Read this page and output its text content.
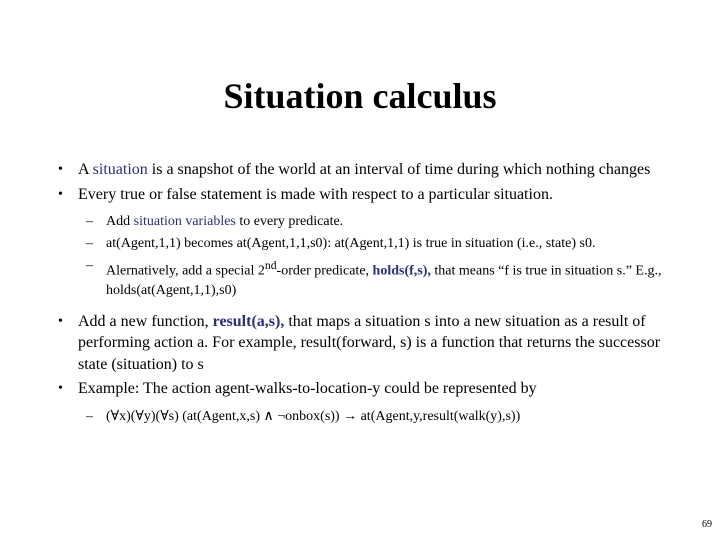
Situation calculus
• A situation is a snapshot of the world at an interval of time during which nothing changes
• Every true or false statement is made with respect to a particular situation.
– Add situation variables to every predicate.
– at(Agent,1,1) becomes at(Agent,1,1,s0): at(Agent,1,1) is true in situation (i.e., state) s0.
– Alernatively, add a special 2nd-order predicate, holds(f,s), that means “f is true in situation s.” E.g., holds(at(Agent,1,1),s0)
• Add a new function, result(a,s), that maps a situation s into a new situation as a result of performing action a. For example, result(forward, s) is a function that returns the successor state (situation) to s
• Example: The action agent-walks-to-location-y could be represented by
– (∀x)(∀y)(∀s) (at(Agent,x,s) ∧ ¬onbox(s)) → at(Agent,y,result(walk(y),s))
69
